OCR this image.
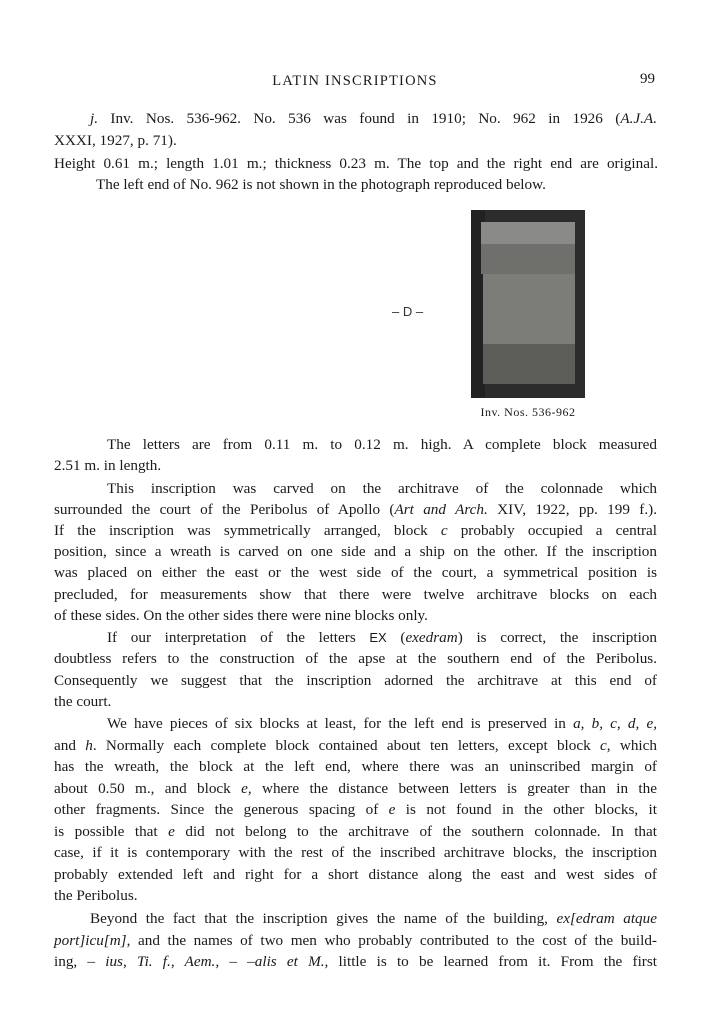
LATIN INSCRIPTIONS	99
j. Inv. Nos. 536-962. No. 536 was found in 1910; No. 962 in 1926 (A.J.A.
XXXI, 1927, p. 71).
Height 0.61 m.; length 1.01 m.; thickness 0.23 m. The top and the right end are original.
The left end of No. 962 is not shown in the photograph reproduced below.
– D –
Inv. Nos. 536-962
The letters are from 0.11 m. to 0.12 m. high. A complete block measured
2.51 m. in length.
This inscription was carved on the architrave of the colonnade which
surrounded the court of the Peribolus of Apollo (Art and Arch. XIV, 1922, pp. 199 f.).
If the inscription was symmetrically arranged, block c probably occupied a central
position, since a wreath is carved on one side and a ship on the other. If the inscription
was placed on either the east or the west side of the court, a symmetrical position is
precluded, for measurements show that there were twelve architrave blocks on each
of these sides. On the other sides there were nine blocks only.
If our interpretation of the letters EX (exedram) is correct, the inscription
doubtless refers to the construction of the apse at the southern end of the Peribolus.
Consequently we suggest that the inscription adorned the architrave at this end of
the court.
We have pieces of six blocks at least, for the left end is preserved in a, b, c, d, e,
and h. Normally each complete block contained about ten letters, except block c, which
has the wreath, the block at the left end, where there was an uninscribed margin of
about 0.50 m., and block e, where the distance between letters is greater than in the
other fragments. Since the generous spacing of e is not found in the other blocks, it
is possible that e did not belong to the architrave of the southern colonnade. In that
case, if it is contemporary with the rest of the inscribed architrave blocks, the inscription
probably extended left and right for a short distance along the east and west sides of
the Peribolus.
Beyond the fact that the inscription gives the name of the building, ex[edram atque
port]icu[m], and the names of two men who probably contributed to the cost of the build-
ing, – ius, Ti. f., Aem., – –alis et M., little is to be learned from it. From the first
